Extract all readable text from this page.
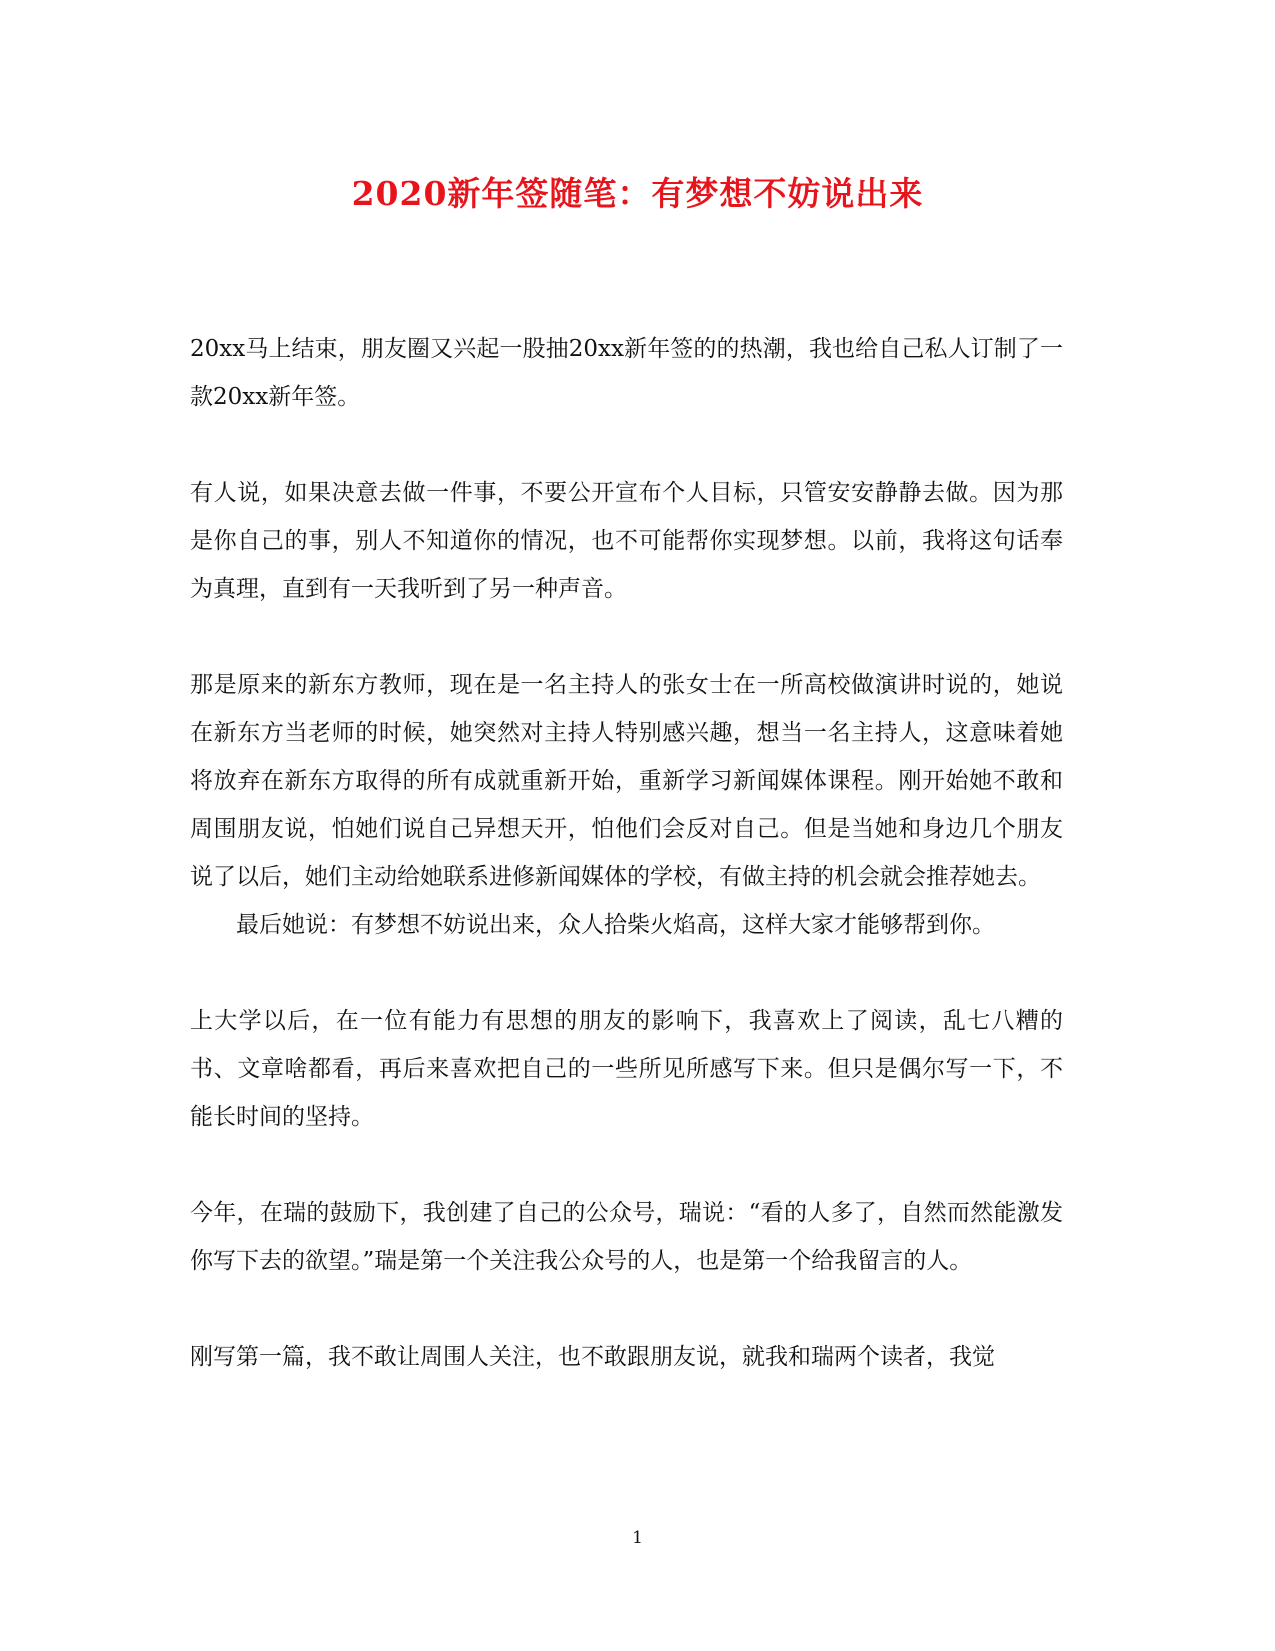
2020新年签随笔：有梦想不妨说出来

20xx马上结束，朋友圈又兴起一股抽20xx新年签的的热潮，我也给自己私人订制了一款20xx新年签。

有人说，如果决意去做一件事，不要公开宣布个人目标，只管安安静静去做。因为那是你自己的事，别人不知道你的情况，也不可能帮你实现梦想。以前，我将这句话奉为真理，直到有一天我听到了另一种声音。

那是原来的新东方教师，现在是一名主持人的张女士在一所高校做演讲时说的，她说在新东方当老师的时候，她突然对主持人特别感兴趣，想当一名主持人，这意味着她将放弃在新东方取得的所有成就重新开始，重新学习新闻媒体课程。刚开始她不敢和周围朋友说，怕她们说自己异想天开，怕他们会反对自己。但是当她和身边几个朋友说了以后，她们主动给她联系进修新闻媒体的学校，有做主持的机会就会推荐她去。

最后她说：有梦想不妨说出来，众人拾柴火焰高，这样大家才能够帮到你。

上大学以后，在一位有能力有思想的朋友的影响下，我喜欢上了阅读，乱七八糟的书、文章啥都看，再后来喜欢把自己的一些所见所感写下来。但只是偶尔写一下，不能长时间的坚持。

今年，在瑞的鼓励下，我创建了自己的公众号，瑞说：“看的人多了，自然而然能激发你写下去的欲望。”瑞是第一个关注我公众号的人，也是第一个给我留言的人。

刚写第一篇，我不敢让周围人关注，也不敢跟朋友说，就我和瑞两个读者，我觉

1
